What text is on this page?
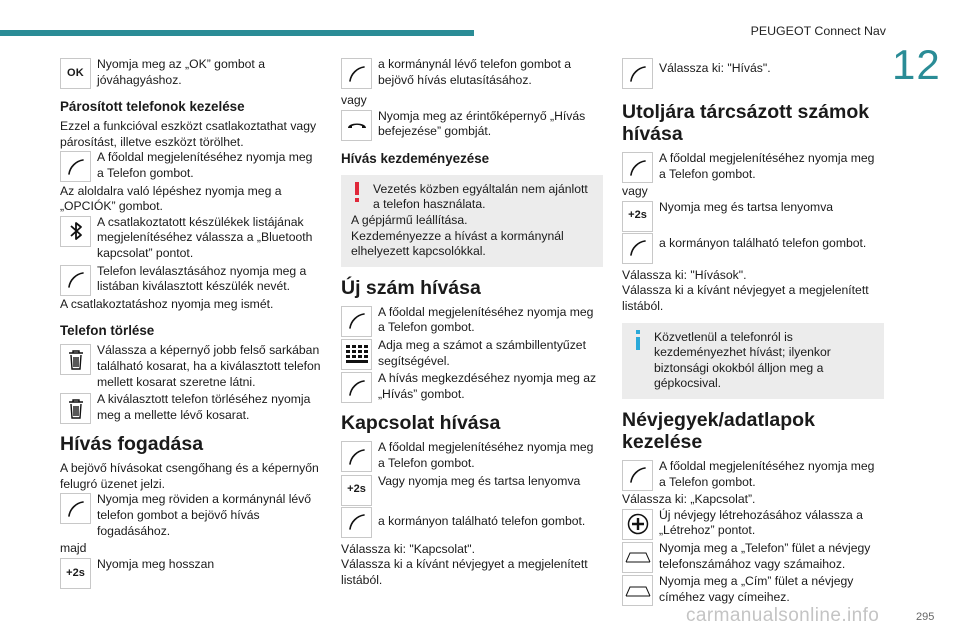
PEUGEOT Connect Nav
12
OK

Nyomja meg az „OK” gombot a jóváhagyáshoz.

Párosított telefonok kezelése

Ezzel a funkcióval eszközt csatlakoztathat vagy párosítást, illetve eszközt törölhet.

A főoldal megjelenítéséhez nyomja meg a Telefon gombot.

Az aloldalra való lépéshez nyomja meg a „OPCIÓK” gombot.

A csatlakoztatott készülékek listájának megjelenítéséhez válassza a „Bluetooth kapcsolat” pontot.

Telefon leválasztásához nyomja meg a listában kiválasztott készülék nevét.

A csatlakoztatáshoz nyomja meg ismét.

Telefon törlése

Válassza a képernyő jobb felső sarkában található kosarat, ha a kiválasztott telefon mellett kosarat szeretne látni.

A kiválasztott telefon törléséhez nyomja meg a mellette lévő kosarat.

Hívás fogadása

A bejövő hívásokat csengőhang és a képernyőn felugró üzenet jelzi.

Nyomja meg röviden a kormánynál lévő telefon gombot a bejövő hívás fogadásához.

majd

+2s

Nyomja meg hosszan

a kormánynál lévő telefon gombot a bejövő hívás elutasításához.

vagy

Nyomja meg az érintőképernyő „Hívás befejezése” gombját.

Hívás kezdeményezése

Vezetés közben egyáltalán nem ajánlott a telefon használata.

A gépjármű leállítása.

Kezdeményezze a hívást a kormánynál elhelyezett kapcsolókkal.

Új szám hívása

A főoldal megjelenítéséhez nyomja meg a Telefon gombot.

Adja meg a számot a számbillentyűzet segítségével.

A hívás megkezdéséhez nyomja meg az „Hívás” gombot.

Kapcsolat hívása

A főoldal megjelenítéséhez nyomja meg a Telefon gombot.

+2s

Vagy nyomja meg és tartsa lenyomva

a kormányon található telefon gombot.

Válassza ki: "Kapcsolat".

Válassza ki a kívánt névjegyet a megjelenített listából.

Válassza ki: "Hívás".

Utoljára tárcsázott számok hívása

A főoldal megjelenítéséhez nyomja meg a Telefon gombot.

vagy

+2s

Nyomja meg és tartsa lenyomva

a kormányon található telefon gombot.

Válassza ki: "Hívások".

Válassza ki a kívánt névjegyet a megjelenített listából.

Közvetlenül a telefonról is kezdeményezhet hívást; ilyenkor biztonsági okokból álljon meg a gépkocsival.

Névjegyek/adatlapok kezelése

A főoldal megjelenítéséhez nyomja meg a Telefon gombot.

Válassza ki: „Kapcsolat”.

Új névjegy létrehozásához válassza a „Létrehoz” pontot.

Nyomja meg a „Telefon” fület a névjegy telefonszámához vagy számaihoz.

Nyomja meg a „Cím” fület a névjegy címéhez vagy címeihez.

carmanualsonline.info	295
